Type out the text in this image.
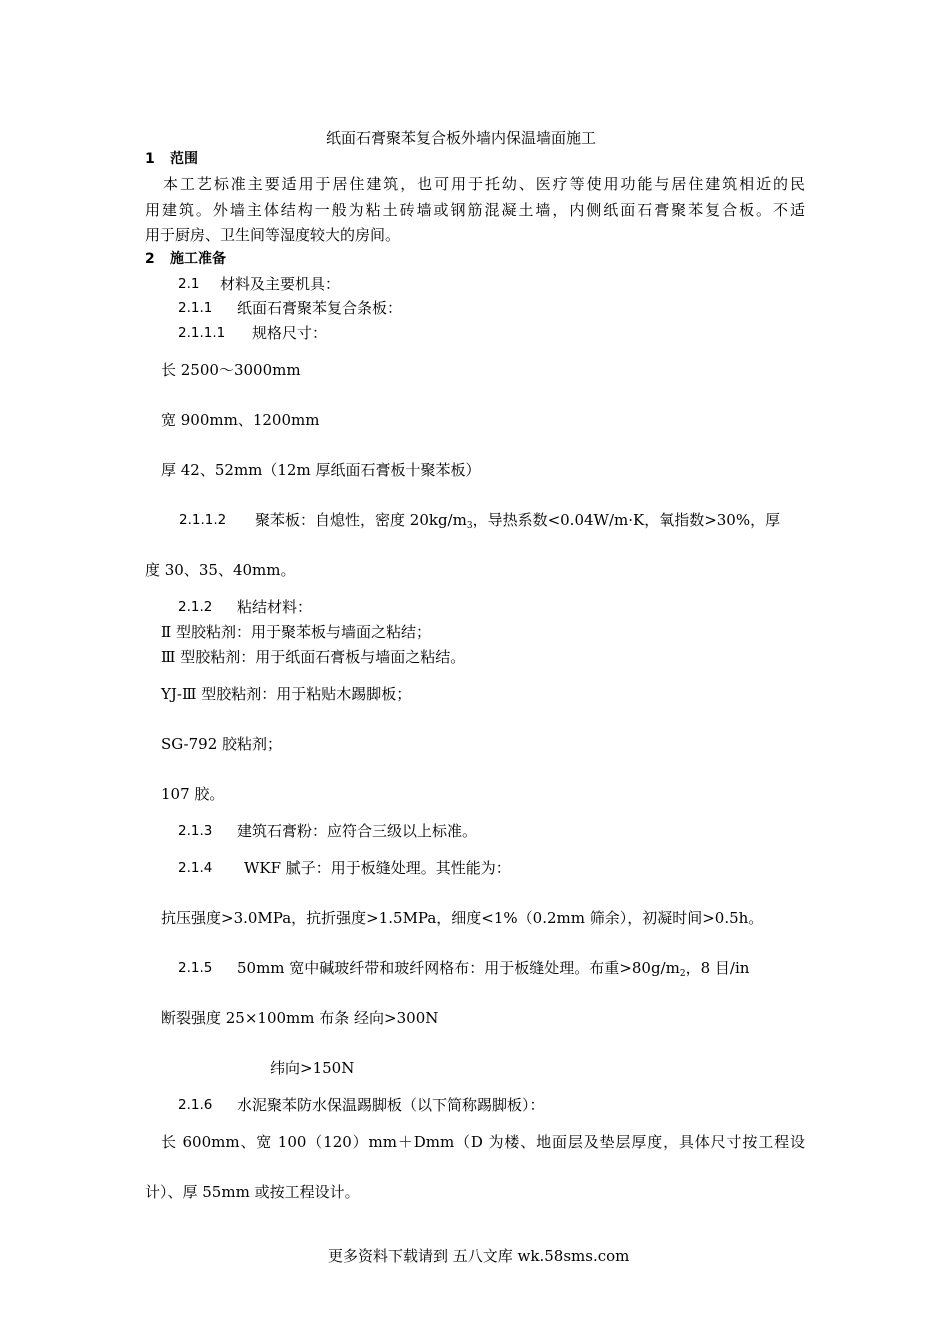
纸面石膏聚苯复合板外墙内保温墙面施工
1 范围
本工艺标准主要适用于居住建筑，也可用于托幼、医疗等使用功能与居住建筑相近的民
用建筑。外墙主体结构一般为粘土砖墙或钢筋混凝土墙，内侧纸面石膏聚苯复合板。不适
用于厨房、卫生间等湿度较大的房间。
2 施工准备
2.1 材料及主要机具：
2.1.1 纸面石膏聚苯复合条板：
2.1.1.1 规格尺寸：
长 2500～3000mm
宽 900mm、1200mm
厚 42、52mm（12m 厚纸面石膏板十聚苯板）
2.1.1.2 聚苯板：自熄性，密度 $20kg/m_3$，导热系数<0.04W/m·K，氧指数>30%，厚
度 30、35、40mm。
2.1.2 粘结材料：
Ⅱ 型胶粘剂：用于聚苯板与墙面之粘结；
Ⅲ 型胶粘剂：用于纸面石膏板与墙面之粘结。
YJ-Ⅲ 型胶粘剂：用于粘贴木踢脚板；
SG-792 胶粘剂；
107 胶。
2.1.3 建筑石膏粉：应符合三级以上标准。
2.1.4 WKF 腻子：用于板缝处理。其性能为：
抗压强度>3.0MPa，抗折强度>1.5MPa，细度<1%（0.2mm 筛余），初凝时间>0.5h。
2.1.5 50mm 宽中碱玻纤带和玻纤网格布：用于板缝处理。布重$>80g/m_2$，8 目/in
断裂强度 25×100mm 布条 经向>300N
纬向>150N
2.1.6 水泥聚苯防水保温踢脚板（以下简称踢脚板）：
长 600mm、宽 100（120）mm＋Dmm（D 为楼、地面层及垫层厚度，具体尺寸按工程设
计）、厚 55mm 或按工程设计。
更多资料下载请到 五八文库 wk.58sms.com
